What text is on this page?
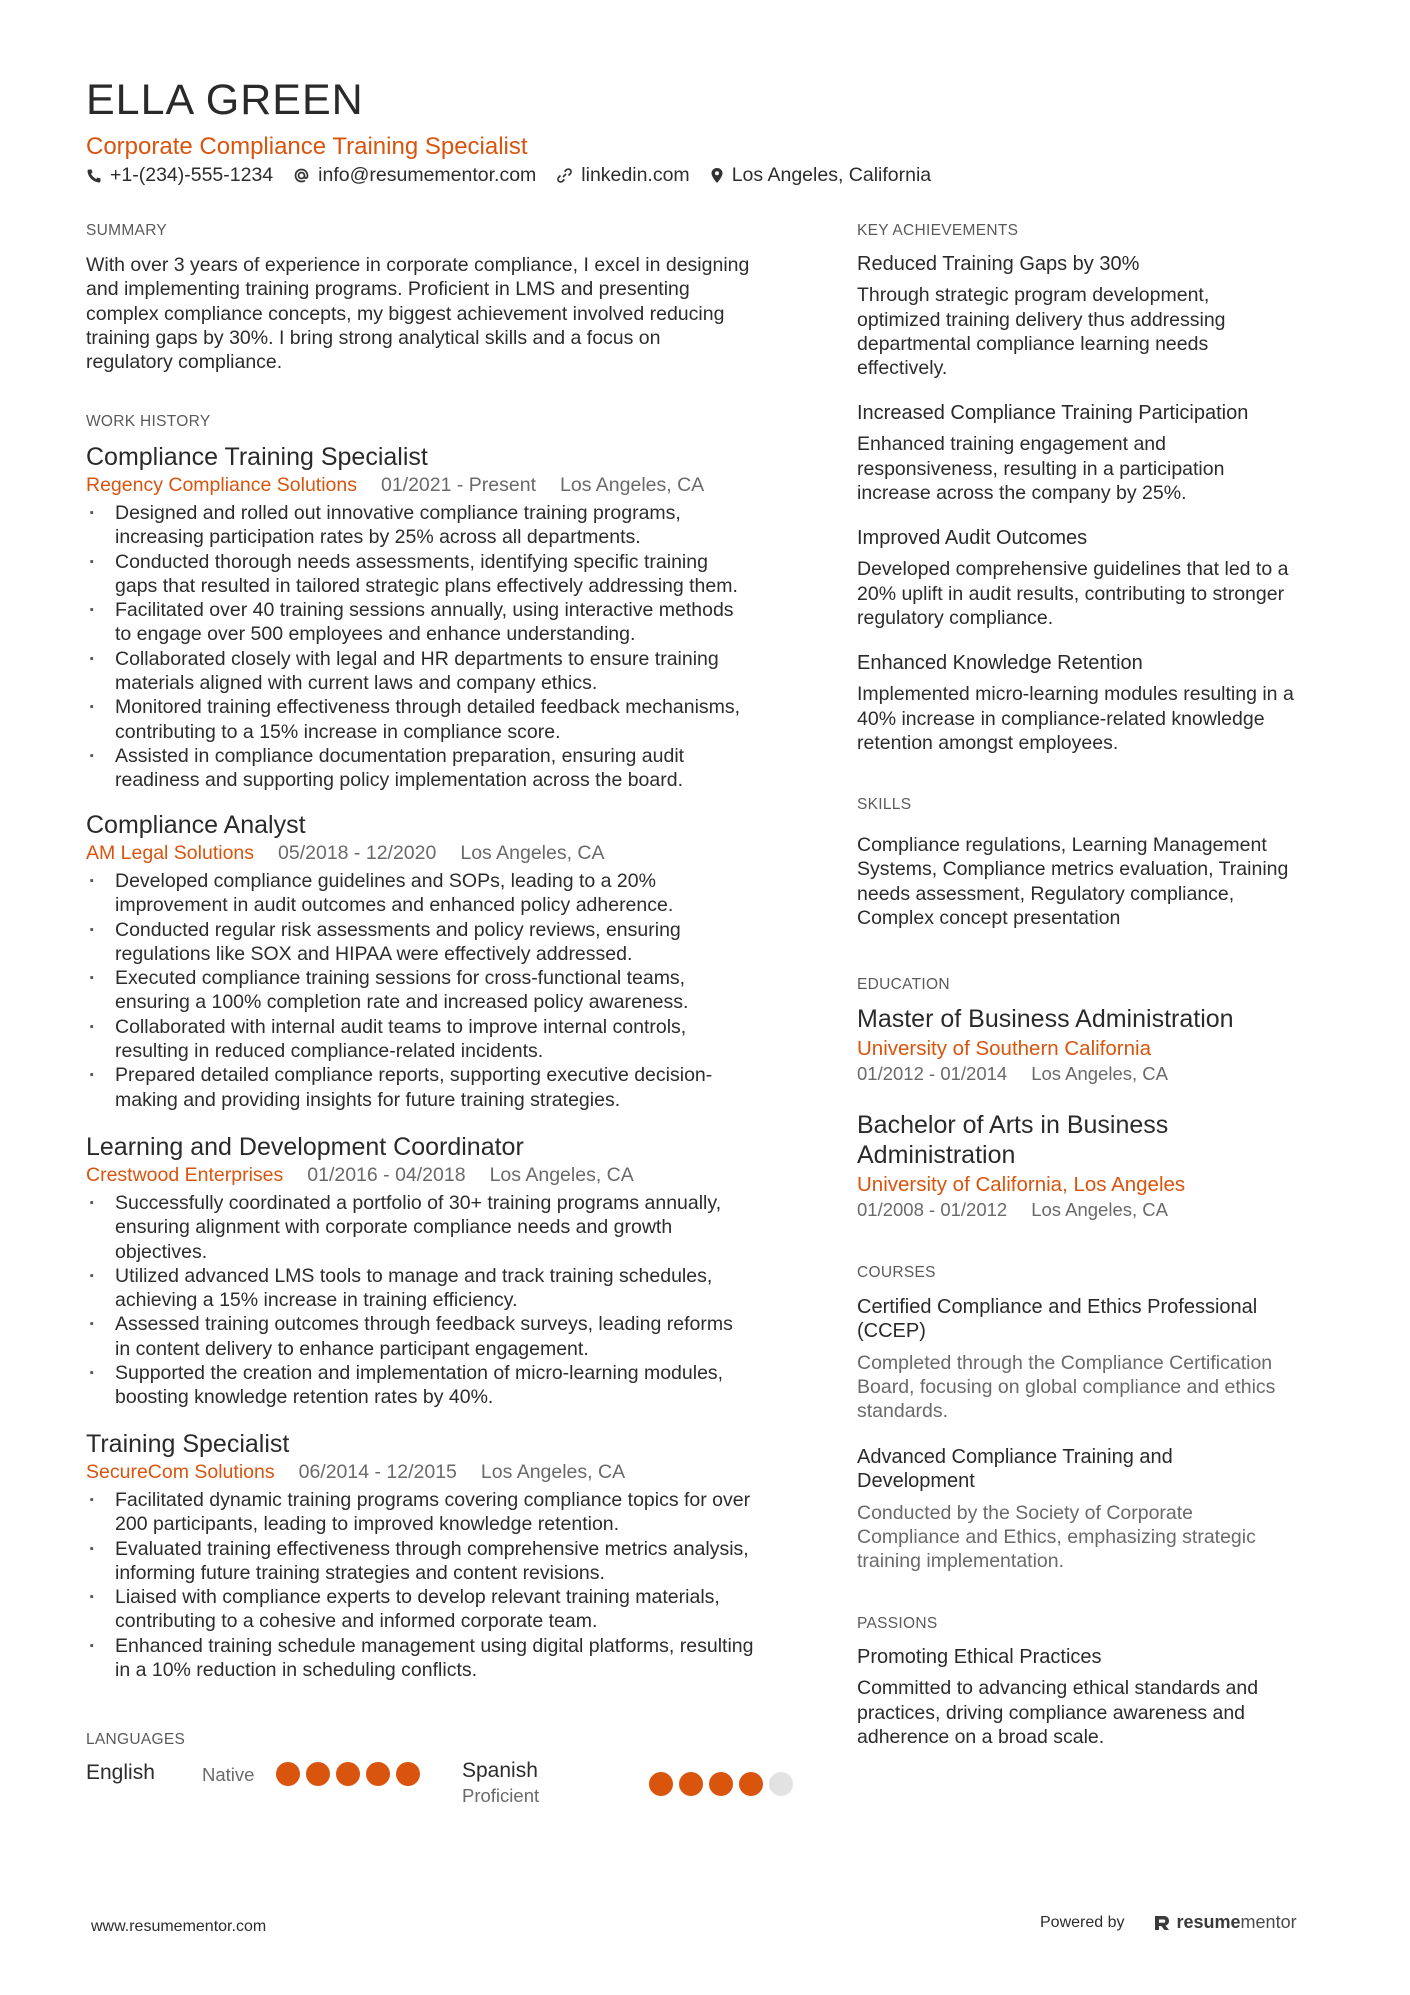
ELLA GREEN
Corporate Compliance Training Specialist
+1-(234)-555-1234 info@resumementor.com linkedin.com Los Angeles, California
SUMMARY
With over 3 years of experience in corporate compliance, I excel in designing
and implementing training programs. Proficient in LMS and presenting
complex compliance concepts, my biggest achievement involved reducing
training gaps by 30%. I bring strong analytical skills and a focus on
regulatory compliance.
WORK HISTORY
Compliance Training Specialist
Regency Compliance Solutions 01/2021 - Present Los Angeles, CA
· Designed and rolled out innovative compliance training programs,
increasing participation rates by 25% across all departments.
· Conducted thorough needs assessments, identifying specific training
gaps that resulted in tailored strategic plans effectively addressing them.
· Facilitated over 40 training sessions annually, using interactive methods
to engage over 500 employees and enhance understanding.
· Collaborated closely with legal and HR departments to ensure training
materials aligned with current laws and company ethics.
· Monitored training effectiveness through detailed feedback mechanisms,
contributing to a 15% increase in compliance score.
· Assisted in compliance documentation preparation, ensuring audit
readiness and supporting policy implementation across the board.
Compliance Analyst
AM Legal Solutions 05/2018 - 12/2020 Los Angeles, CA
· Developed compliance guidelines and SOPs, leading to a 20%
improvement in audit outcomes and enhanced policy adherence.
· Conducted regular risk assessments and policy reviews, ensuring
regulations like SOX and HIPAA were effectively addressed.
· Executed compliance training sessions for cross-functional teams,
ensuring a 100% completion rate and increased policy awareness.
· Collaborated with internal audit teams to improve internal controls,
resulting in reduced compliance-related incidents.
· Prepared detailed compliance reports, supporting executive decision-
making and providing insights for future training strategies.
Learning and Development Coordinator
Crestwood Enterprises 01/2016 - 04/2018 Los Angeles, CA
· Successfully coordinated a portfolio of 30+ training programs annually,
ensuring alignment with corporate compliance needs and growth
objectives.
· Utilized advanced LMS tools to manage and track training schedules,
achieving a 15% increase in training efficiency.
· Assessed training outcomes through feedback surveys, leading reforms
in content delivery to enhance participant engagement.
· Supported the creation and implementation of micro-learning modules,
boosting knowledge retention rates by 40%.
Training Specialist
SecureCom Solutions 06/2014 - 12/2015 Los Angeles, CA
· Facilitated dynamic training programs covering compliance topics for over
200 participants, leading to improved knowledge retention.
· Evaluated training effectiveness through comprehensive metrics analysis,
informing future training strategies and content revisions.
· Liaised with compliance experts to develop relevant training materials,
contributing to a cohesive and informed corporate team.
· Enhanced training schedule management using digital platforms, resulting
in a 10% reduction in scheduling conflicts.
LANGUAGES
English	Native	Spanish
Proficient
KEY ACHIEVEMENTS
Reduced Training Gaps by 30%
Through strategic program development,
optimized training delivery thus addressing
departmental compliance learning needs
effectively.
Increased Compliance Training Participation
Enhanced training engagement and
responsiveness, resulting in a participation
increase across the company by 25%.
Improved Audit Outcomes
Developed comprehensive guidelines that led to a
20% uplift in audit results, contributing to stronger
regulatory compliance.
Enhanced Knowledge Retention
Implemented micro-learning modules resulting in a
40% increase in compliance-related knowledge
retention amongst employees.
SKILLS
Compliance regulations, Learning Management
Systems, Compliance metrics evaluation, Training
needs assessment, Regulatory compliance,
Complex concept presentation
EDUCATION
Master of Business Administration
University of Southern California
01/2012 - 01/2014 Los Angeles, CA
Bachelor of Arts in Business
Administration
University of California, Los Angeles
01/2008 - 01/2012 Los Angeles, CA
COURSES
Certified Compliance and Ethics Professional
(CCEP)
Completed through the Compliance Certification
Board, focusing on global compliance and ethics
standards.
Advanced Compliance Training and
Development
Conducted by the Society of Corporate
Compliance and Ethics, emphasizing strategic
training implementation.
PASSIONS
Promoting Ethical Practices
Committed to advancing ethical standards and
practices, driving compliance awareness and
adherence on a broad scale.
www.resumementor.com	Powered by	resume mentor
